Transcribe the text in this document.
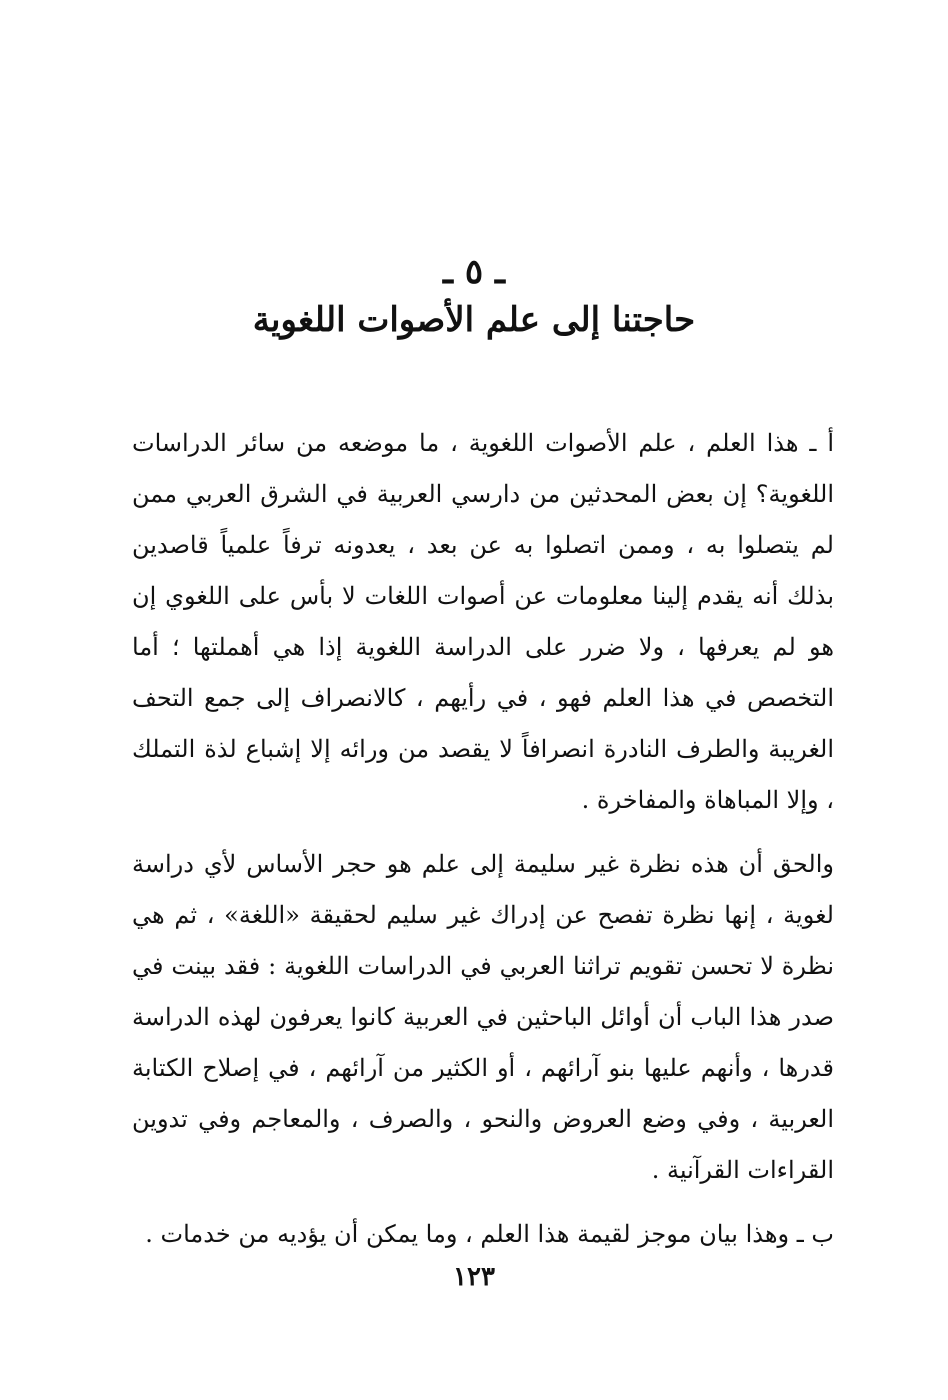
ـ ٥ ـ
حاجتنا إلى علم الأصوات اللغوية

أ ـ هذا العلم ، علم الأصوات اللغوية ، ما موضعه من سائر الدراسات اللغوية؟ إن بعض المحدثين من دارسي العربية في الشرق العربي ممن لم يتصلوا به ، وممن اتصلوا به عن بعد ، يعدونه ترفاً علمياً قاصدين بذلك أنه يقدم إلينا معلومات عن أصوات اللغات لا بأس على اللغوي إن هو لم يعرفها ، ولا ضرر على الدراسة اللغوية إذا هي أهملتها ؛ أما التخصص في هذا العلم فهو ، في رأيهم ، كالانصراف إلى جمع التحف الغريبة والطرف النادرة انصرافاً لا يقصد من ورائه إلا إشباع لذة التملك ، وإلا المباهاة والمفاخرة .

والحق أن هذه نظرة غير سليمة إلى علم هو حجر الأساس لأي دراسة لغوية ، إنها نظرة تفصح عن إدراك غير سليم لحقيقة «اللغة» ، ثم هي نظرة لا تحسن تقويم تراثنا العربي في الدراسات اللغوية : فقد بينت في صدر هذا الباب أن أوائل الباحثين في العربية كانوا يعرفون لهذه الدراسة قدرها ، وأنهم عليها بنو آرائهم ، أو الكثير من آرائهم ، في إصلاح الكتابة العربية ، وفي وضع العروض والنحو ، والصرف ، والمعاجم وفي تدوين القراءات القرآنية .

ب ـ وهذا بيان موجز لقيمة هذا العلم ، وما يمكن أن يؤديه من خدمات .

١٢٣
